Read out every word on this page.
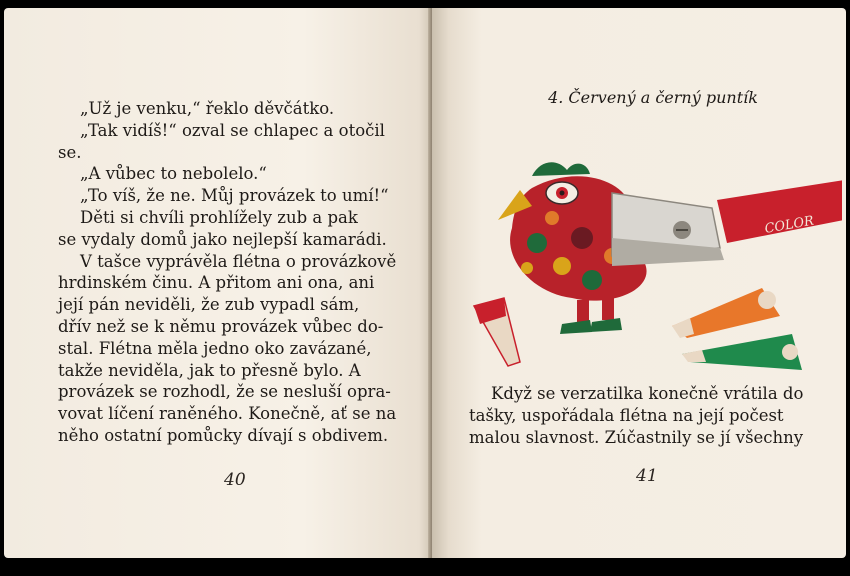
„Už je venku,“ řeklo děvčátko.
„Tak vidíš!“ ozval se chlapec a otočil
se.
„A vůbec to nebolelo.“
„To víš, že ne. Můj provázek to umí!“
Děti si chvíli prohlížely zub a pak
se vydaly domů jako nejlepší kamarádi.
V tašce vyprávěla flétna o provázkově
hrdinském činu. A přitom ani ona, ani
její pán neviděli, že zub vypadl sám,
dřív než se k němu provázek vůbec do-
stal. Flétna měla jedno oko zavázané,
takže neviděla, jak to přesně bylo. A
provázek se rozhodl, že se nesluší opra-
vovat líčení raněného. Konečně, ať se na
něho ostatní pomůcky dívají s obdivem.
40
4. Červený a černý puntík
COLOR
Když se verzatilka konečně vrátila do
tašky, uspořádala flétna na její počest
malou slavnost. Zúčastnily se jí všechny
41
